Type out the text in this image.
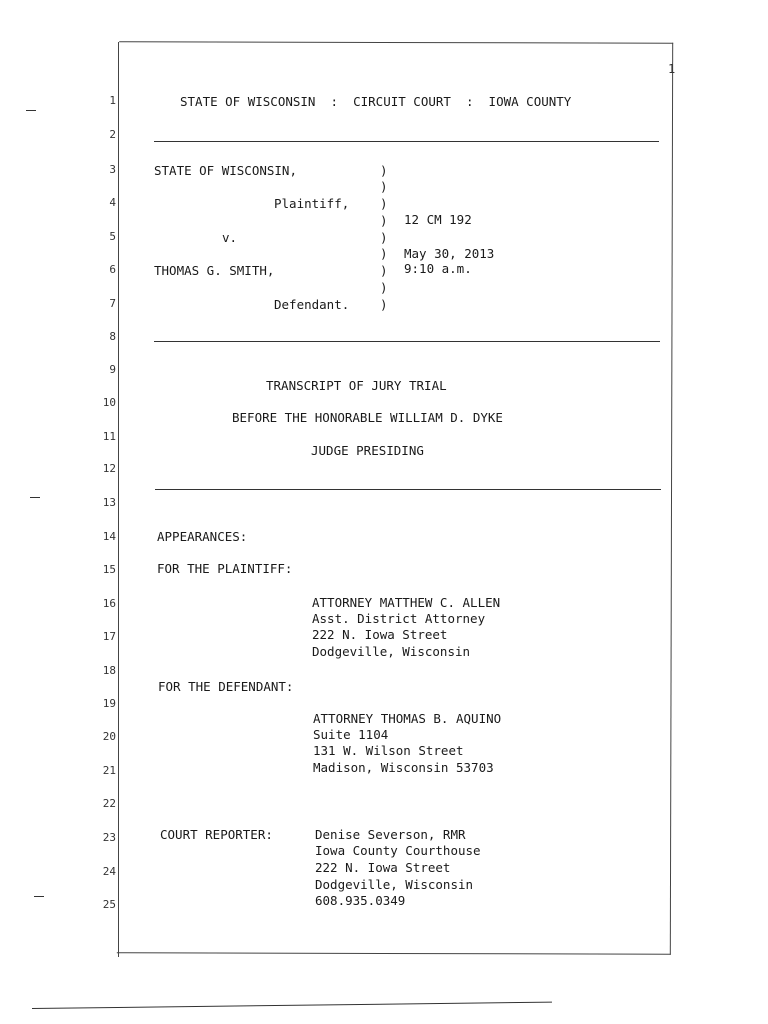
1
1
2
3
4
5
6
7
8
9
10
11
12
13
14
15
16
17
18
19
20
21
22
23
24
25
STATE OF WISCONSIN  :  CIRCUIT COURT  :  IOWA COUNTY
STATE OF WISCONSIN,
Plaintiff,
v.
THOMAS G. SMITH,
Defendant.
)
)
)
)
)
)
)
)
)
12 CM 192
May 30, 2013
9:10 a.m.
TRANSCRIPT OF JURY TRIAL
BEFORE THE HONORABLE WILLIAM D. DYKE
JUDGE PRESIDING
APPEARANCES:
FOR THE PLAINTIFF:
ATTORNEY MATTHEW C. ALLEN
Asst. District Attorney
222 N. Iowa Street
Dodgeville, Wisconsin
FOR THE DEFENDANT:
ATTORNEY THOMAS B. AQUINO
Suite 1104
131 W. Wilson Street
Madison, Wisconsin 53703
COURT REPORTER:	Denise Severson, RMR
Iowa County Courthouse
222 N. Iowa Street
Dodgeville, Wisconsin
608.935.0349
